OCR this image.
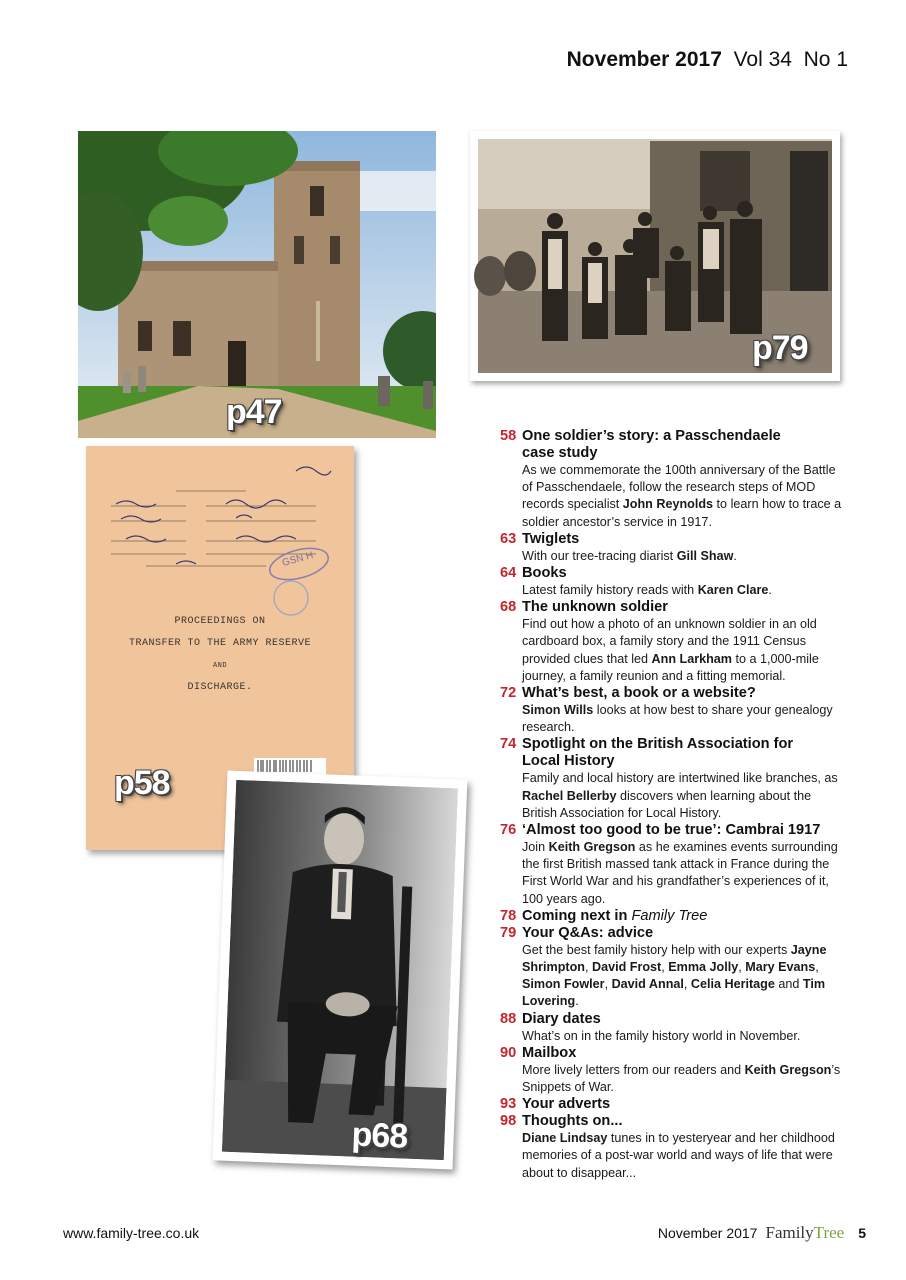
November 2017 Vol 34 No 1
p47
p79
GSN H
PROCEEDINGS ON
TRANSFER TO THE ARMY RESERVE
AND
DISCHARGE.
p58
p68
58 One soldier’s story: a Passchendaele
case study
As we commemorate the 100th anniversary of the Battle of Passchendaele, follow the research steps of MOD records specialist John Reynolds to learn how to trace a soldier ancestor’s service in 1917.
63 Twiglets
With our tree-tracing diarist Gill Shaw.
64 Books
Latest family history reads with Karen Clare.
68 The unknown soldier
Find out how a photo of an unknown soldier in an old cardboard box, a family story and the 1911 Census provided clues that led Ann Larkham to a 1,000-mile journey, a family reunion and a fitting memorial.
72 What’s best, a book or a website?
Simon Wills looks at how best to share your genealogy research.
74 Spotlight on the British Association for
Local History
Family and local history are intertwined like branches, as Rachel Bellerby discovers when learning about the British Association for Local History.
76 ‘Almost too good to be true’: Cambrai 1917
Join Keith Gregson as he examines events surrounding the first British massed tank attack in France during the First World War and his grandfather’s experiences of it, 100 years ago.
78 Coming next in Family Tree
79 Your Q&As: advice
Get the best family history help with our experts Jayne Shrimpton, David Frost, Emma Jolly, Mary Evans, Simon Fowler, David Annal, Celia Heritage and Tim Lovering.
88 Diary dates
What’s on in the family history world in November.
90 Mailbox
More lively letters from our readers and Keith Gregson’s Snippets of War.
93 Your adverts
98 Thoughts on...
Diane Lindsay tunes in to yesteryear and her childhood memories of a post-war world and ways of life that were about to disappear...
www.family-tree.co.uk	November 2017 FamilyTree 5
